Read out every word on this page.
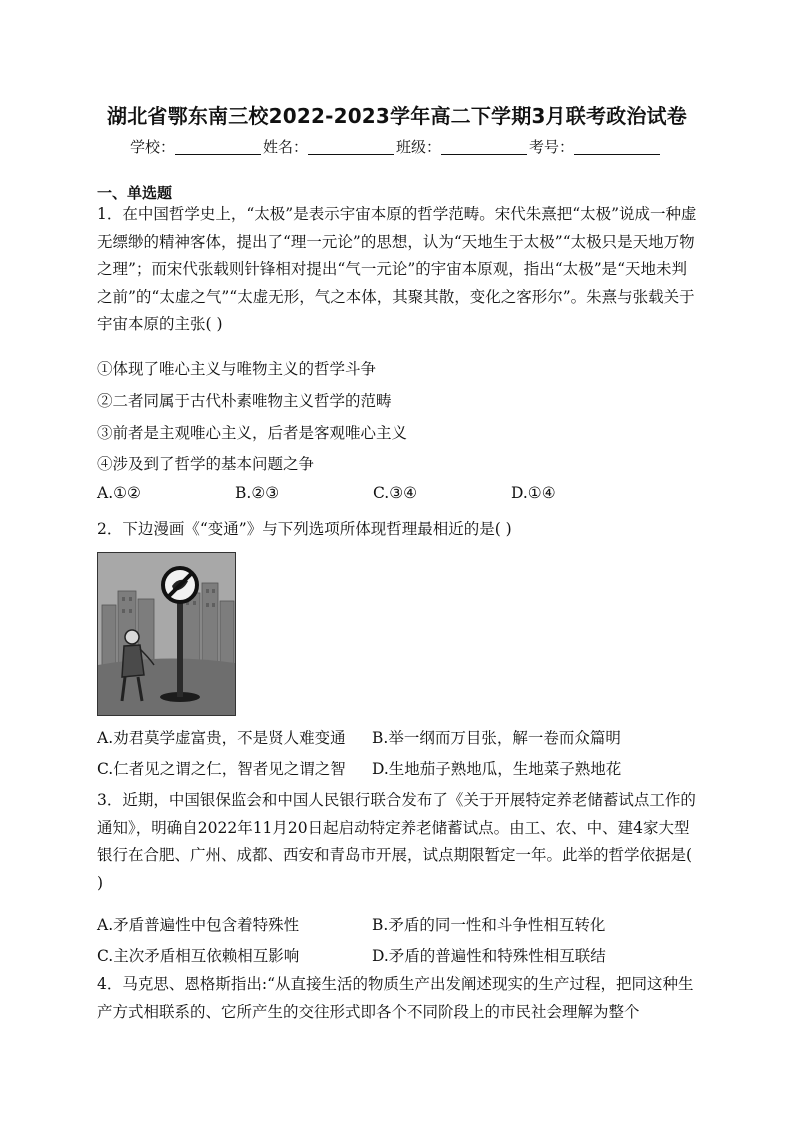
湖北省鄂东南三校2022-2023学年高二下学期3月联考政治试卷
学校：	姓名：	班级：	考号：
一、单选题
1．在中国哲学史上，“太极”是表示宇宙本原的哲学范畴。宋代朱熹把“太极”说成一种虚无缥缈的精神客体，提出了“理一元论”的思想，认为“天地生于太极”“太极只是天地万物之理”；而宋代张载则针锋相对提出“气一元论”的宇宙本原观，指出“太极”是“天地未判之前”的“太虚之气”“太虚无形，气之本体，其聚其散，变化之客形尔”。朱熹与张载关于宇宙本原的主张( )
①体现了唯心主义与唯物主义的哲学斗争
②二者同属于古代朴素唯物主义哲学的范畴
③前者是主观唯心主义，后者是客观唯心主义
④涉及到了哲学的基本问题之争
A.①②	B.②③	C.③④	D.①④
2．下边漫画《“变通”》与下列选项所体现哲理最相近的是( )
A.劝君莫学虚富贵，不是贤人难变通	B.举一纲而万目张，解一卷而众篇明
C.仁者见之谓之仁，智者见之谓之智	D.生地茄子熟地瓜，生地菜子熟地花
3．近期，中国银保监会和中国人民银行联合发布了《关于开展特定养老储蓄试点工作的通知》，明确自2022年11月20日起启动特定养老储蓄试点。由工、农、中、建4家大型银行在合肥、广州、成都、西安和青岛市开展，试点期限暂定一年。此举的哲学依据是( )
A.矛盾普遍性中包含着特殊性	B.矛盾的同一性和斗争性相互转化
C.主次矛盾相互依赖相互影响	D.矛盾的普遍性和特殊性相互联结
4．马克思、恩格斯指出:“从直接生活的物质生产出发阐述现实的生产过程，把同这种生产方式相联系的、它所产生的交往形式即各个不同阶段上的市民社会理解为整个
